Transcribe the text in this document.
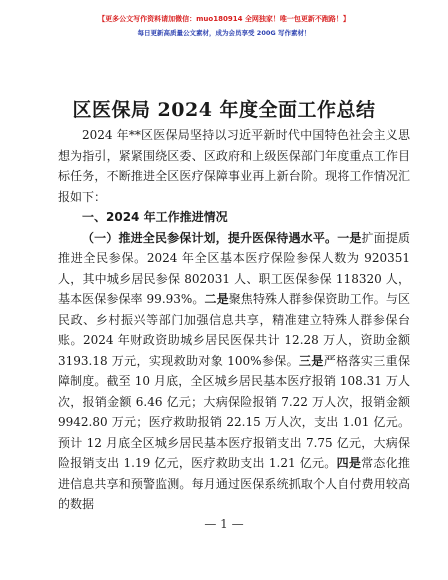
【更多公文写作资料请加微信：muo180914 全网独家！唯一包更新不跑路！】
每日更新高质量公文素材，成为会员享受 200G 写作素材！
区医保局 2024 年度全面工作总结

2024 年**区医保局坚持以习近平新时代中国特色社会主义思想为指引，紧紧围绕区委、区政府和上级医保部门年度重点工作目标任务，不断推进全区医疗保障事业再上新台阶。现将工作情况汇报如下：

一、2024 年工作推进情况

（一）推进全民参保计划，提升医保待遇水平。一是扩面提质推进全民参保。2024 年全区基本医疗保险参保人数为 920351 人，其中城乡居民参保 802031 人、职工医保参保 118320 人，基本医保参保率 99.93%。二是聚焦特殊人群参保资助工作。与区民政、乡村振兴等部门加强信息共享，精准建立特殊人群参保台账。2024 年财政资助城乡居民医保共计 12.28 万人，资助金额 3193.18 万元，实现救助对象 100%参保。三是严格落实三重保障制度。截至 10 月底，全区城乡居民基本医疗报销 108.31 万人次，报销金额 6.46 亿元；大病保险报销 7.22 万人次，报销金额 9942.80 万元；医疗救助报销 22.15 万人次，支出 1.01 亿元。预计 12 月底全区城乡居民基本医疗报销支出 7.75 亿元，大病保险报销支出 1.19 亿元，医疗救助支出 1.21 亿元。四是常态化推进信息共享和预警监测。每月通过医保系统抓取个人自付费用较高的数据

— 1 —
